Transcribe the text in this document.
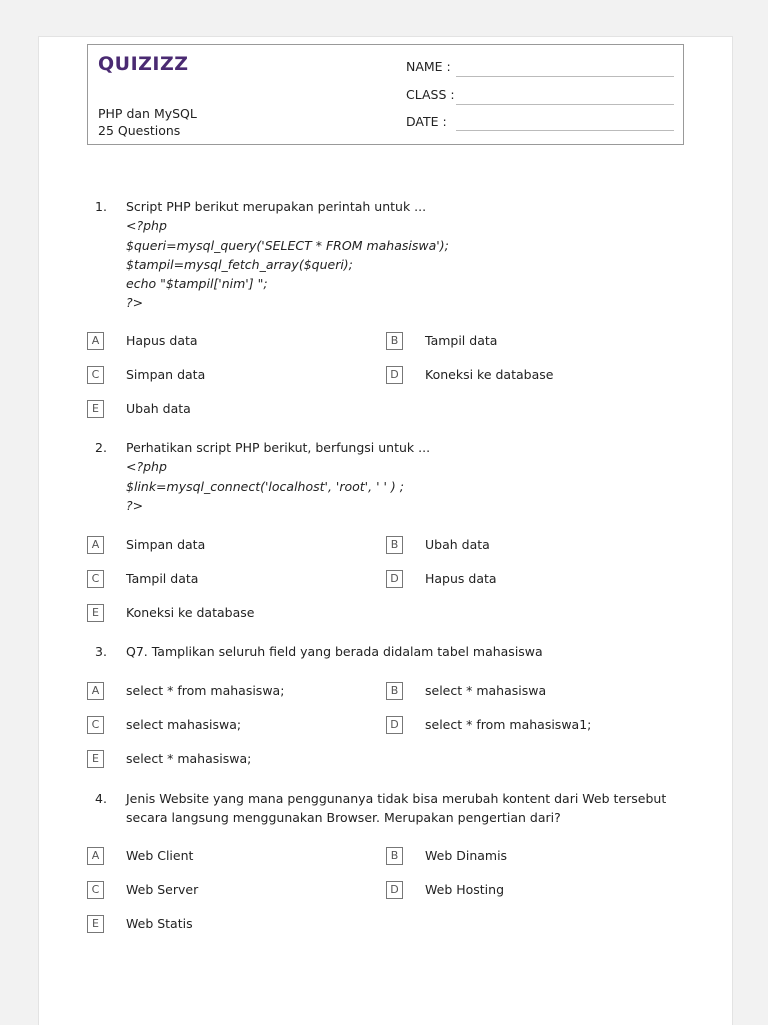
QUIZIZZ
PHP dan MySQL
25 Questions
NAME :
CLASS :
DATE :
1. Script PHP berikut merupakan perintah untuk ...
<?php
$queri=mysql_query('SELECT * FROM mahasiswa');
$tampil=mysql_fetch_array($queri);
echo "$tampil['nim'] ";
?>
A	Hapus data	B	Tampil data
C	Simpan data	D	Koneksi ke database
E	Ubah data
2. Perhatikan script PHP berikut, berfungsi untuk ...
<?php
$link=mysql_connect('localhost', 'root', ' ' ) ;
?>
A	Simpan data	B	Ubah data
C	Tampil data	D	Hapus data
E	Koneksi ke database
3. Q7. Tamplikan seluruh field yang berada didalam tabel mahasiswa
A	select * from mahasiswa;	B	select * mahasiswa
C	select mahasiswa;	D	select * from mahasiswa1;
E	select * mahasiswa;
4. Jenis Website yang mana penggunanya tidak bisa merubah kontent dari Web tersebut
secara langsung menggunakan Browser. Merupakan pengertian dari?
A	Web Client	B	Web Dinamis
C	Web Server	D	Web Hosting
E	Web Statis
